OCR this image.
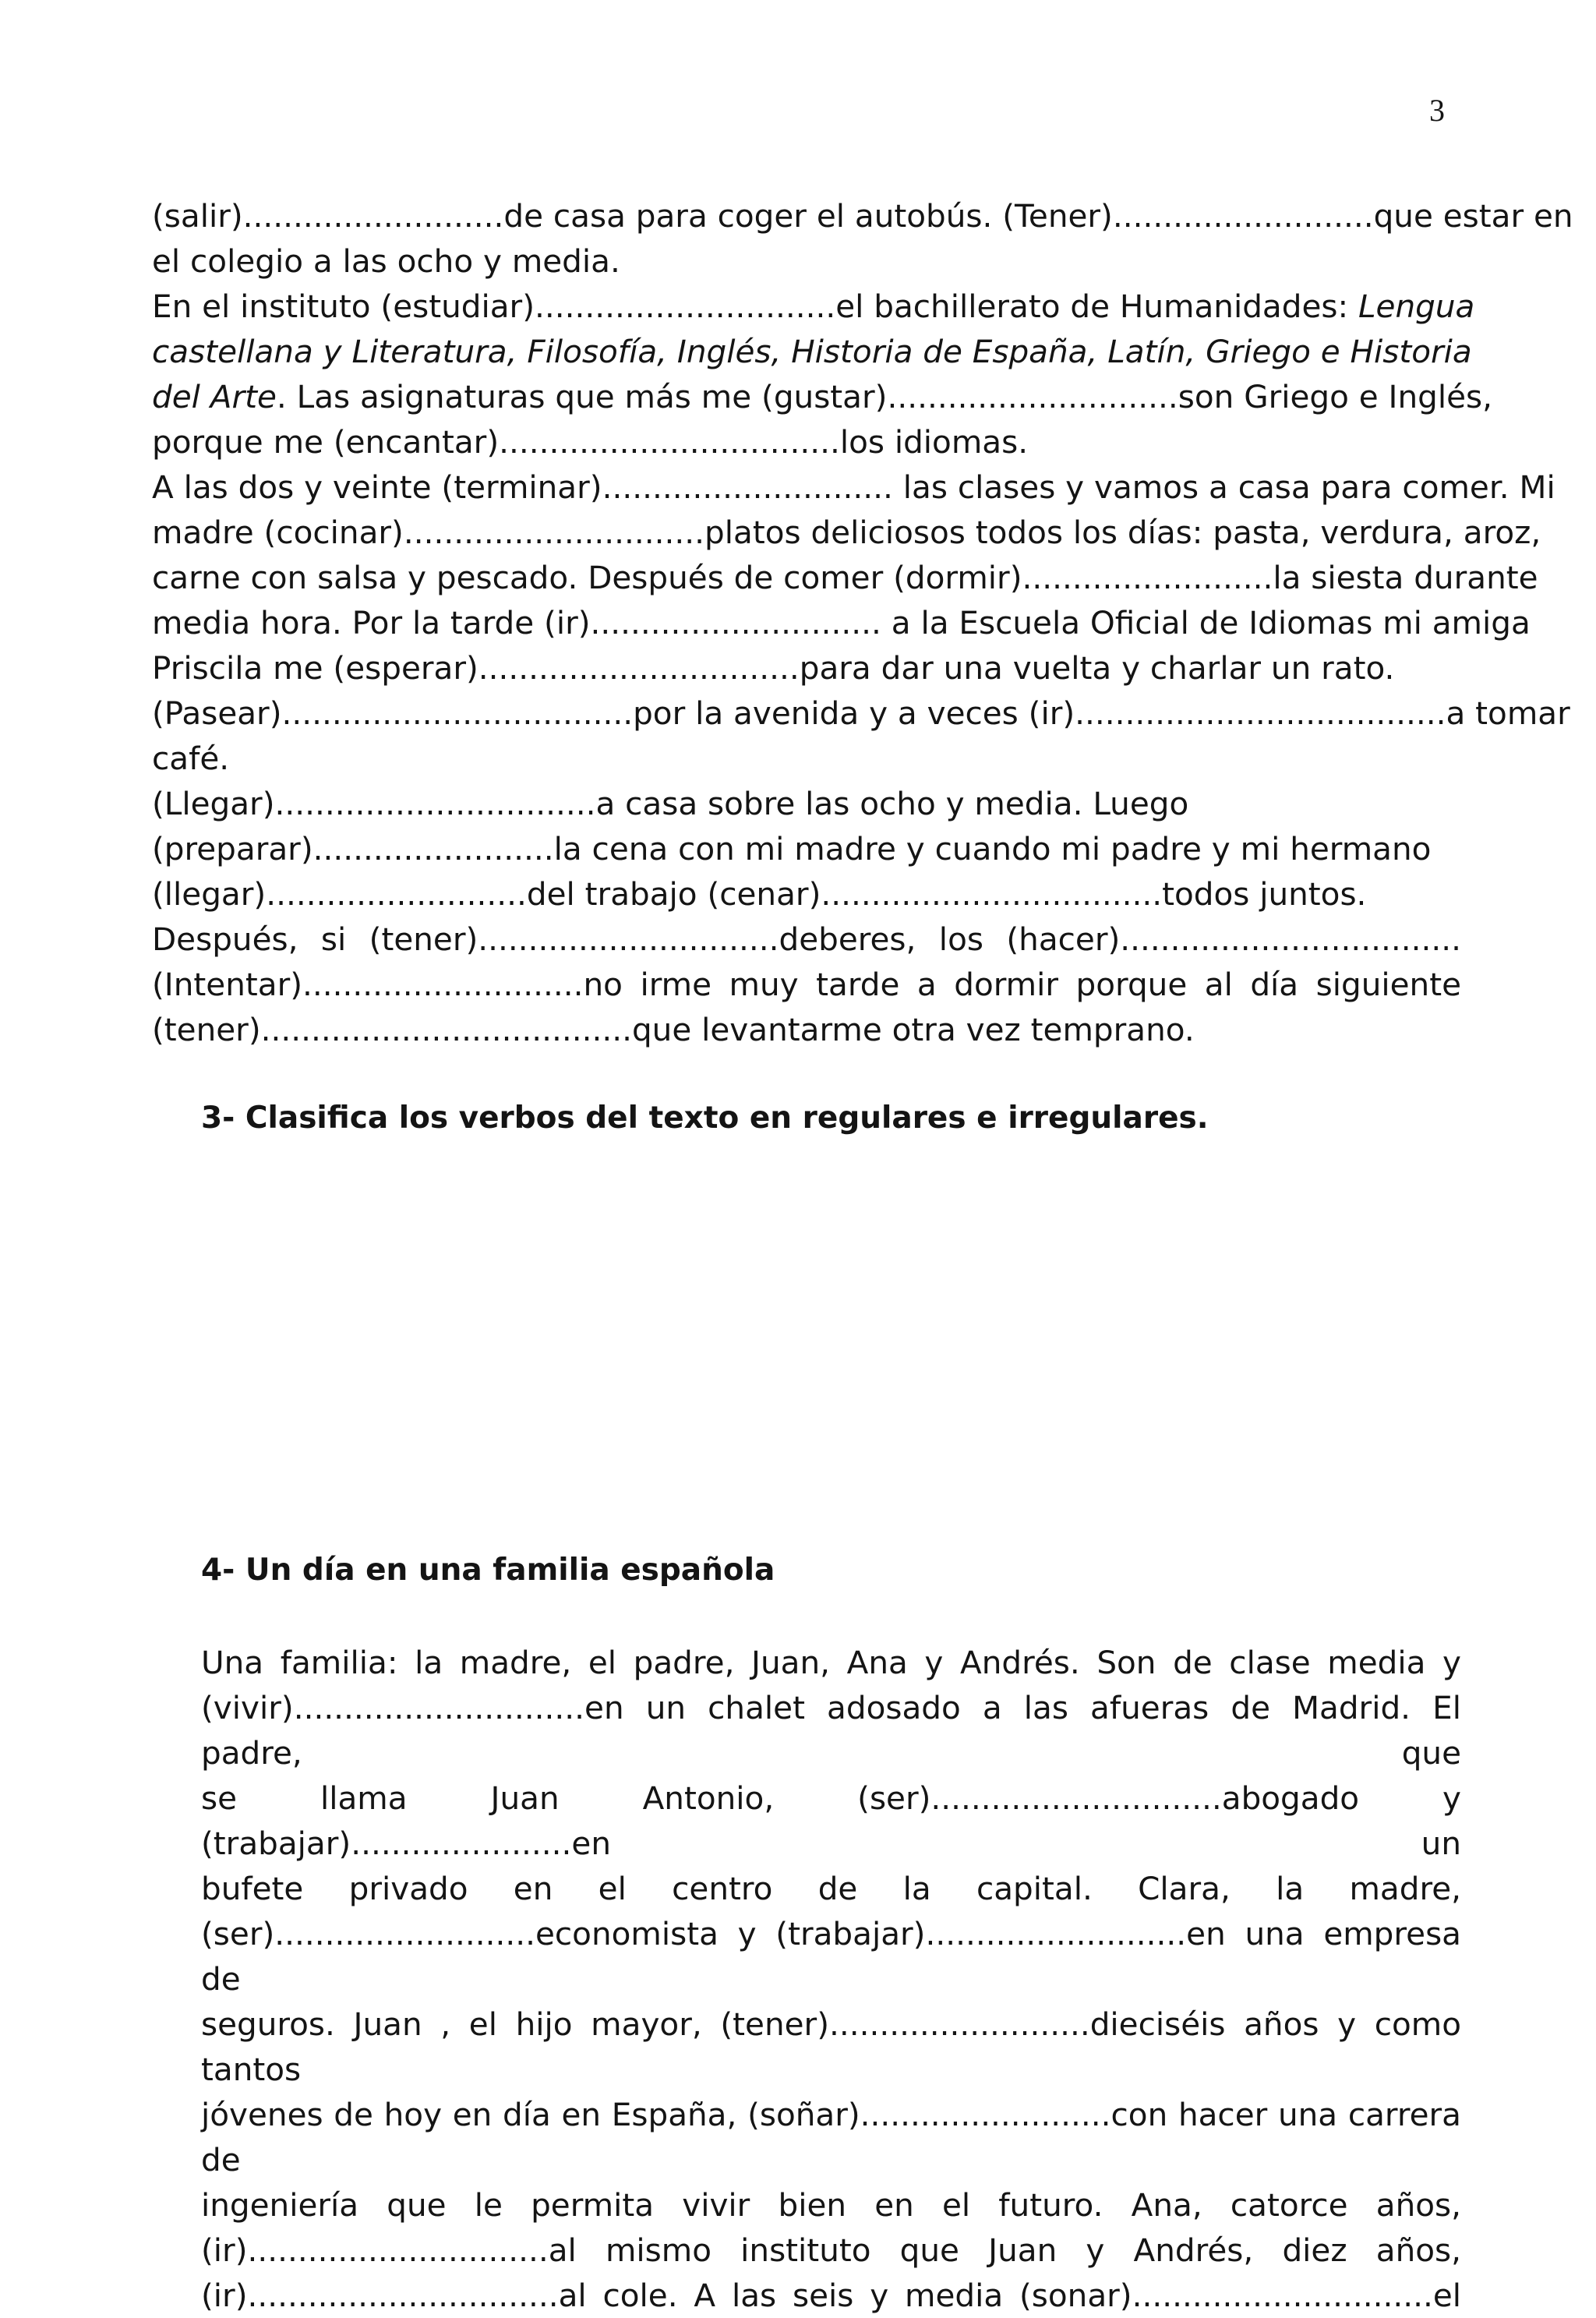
3
(salir)..........................de casa para coger el autobús. (Tener)..........................que estar en
el colegio a las ocho y media.
En el instituto (estudiar)..............................el bachillerato de Humanidades: Lengua
castellana y Literatura, Filosofía, Inglés, Historia de España, Latín, Griego e Historia
del Arte. Las asignaturas que más me (gustar).............................son Griego e Inglés,
porque me (encantar)..................................los idiomas.
A las dos y veinte (terminar)............................. las clases y vamos a casa para comer. Mi
madre (cocinar)..............................platos deliciosos todos los días: pasta, verdura, aroz,
carne con salsa y pescado. Después de comer (dormir).........................la siesta durante
media hora. Por la tarde (ir)............................. a la Escuela Oficial de Idiomas mi amiga
Priscila me (esperar)................................para dar una vuelta y charlar un rato.
(Pasear)...................................por la avenida y a veces (ir).....................................a tomar
café.
(Llegar)................................a casa sobre las ocho y media. Luego
(preparar)........................la cena con mi madre y cuando mi padre y mi hermano
(llegar)..........................del trabajo (cenar)..................................todos juntos.
Después, si (tener)..............................deberes, los (hacer)..................................
(Intentar)............................no irme muy tarde a dormir porque al día siguiente
(tener).....................................que levantarme otra vez temprano.
3- Clasifica los verbos del texto en regulares e irregulares.
4- Un día en una familia española
Una familia: la madre, el padre, Juan, Ana y Andrés. Son de clase media y
(vivir).............................en un chalet adosado a las afueras de Madrid. El padre, que
se llama Juan Antonio, (ser).............................abogado y (trabajar)......................en un
bufete privado en el centro de la capital. Clara, la madre,
(ser)..........................economista y (trabajar)..........................en una empresa de
seguros. Juan , el hijo mayor, (tener)..........................dieciséis años y como tantos
jóvenes de hoy en día en España, (soñar).........................con hacer una carrera de
ingeniería que le permita vivir bien en el futuro. Ana, catorce años,
(ir)..............................al mismo instituto que Juan y Andrés, diez años,
(ir)...............................al cole. A las seis y media (sonar)..............................el
